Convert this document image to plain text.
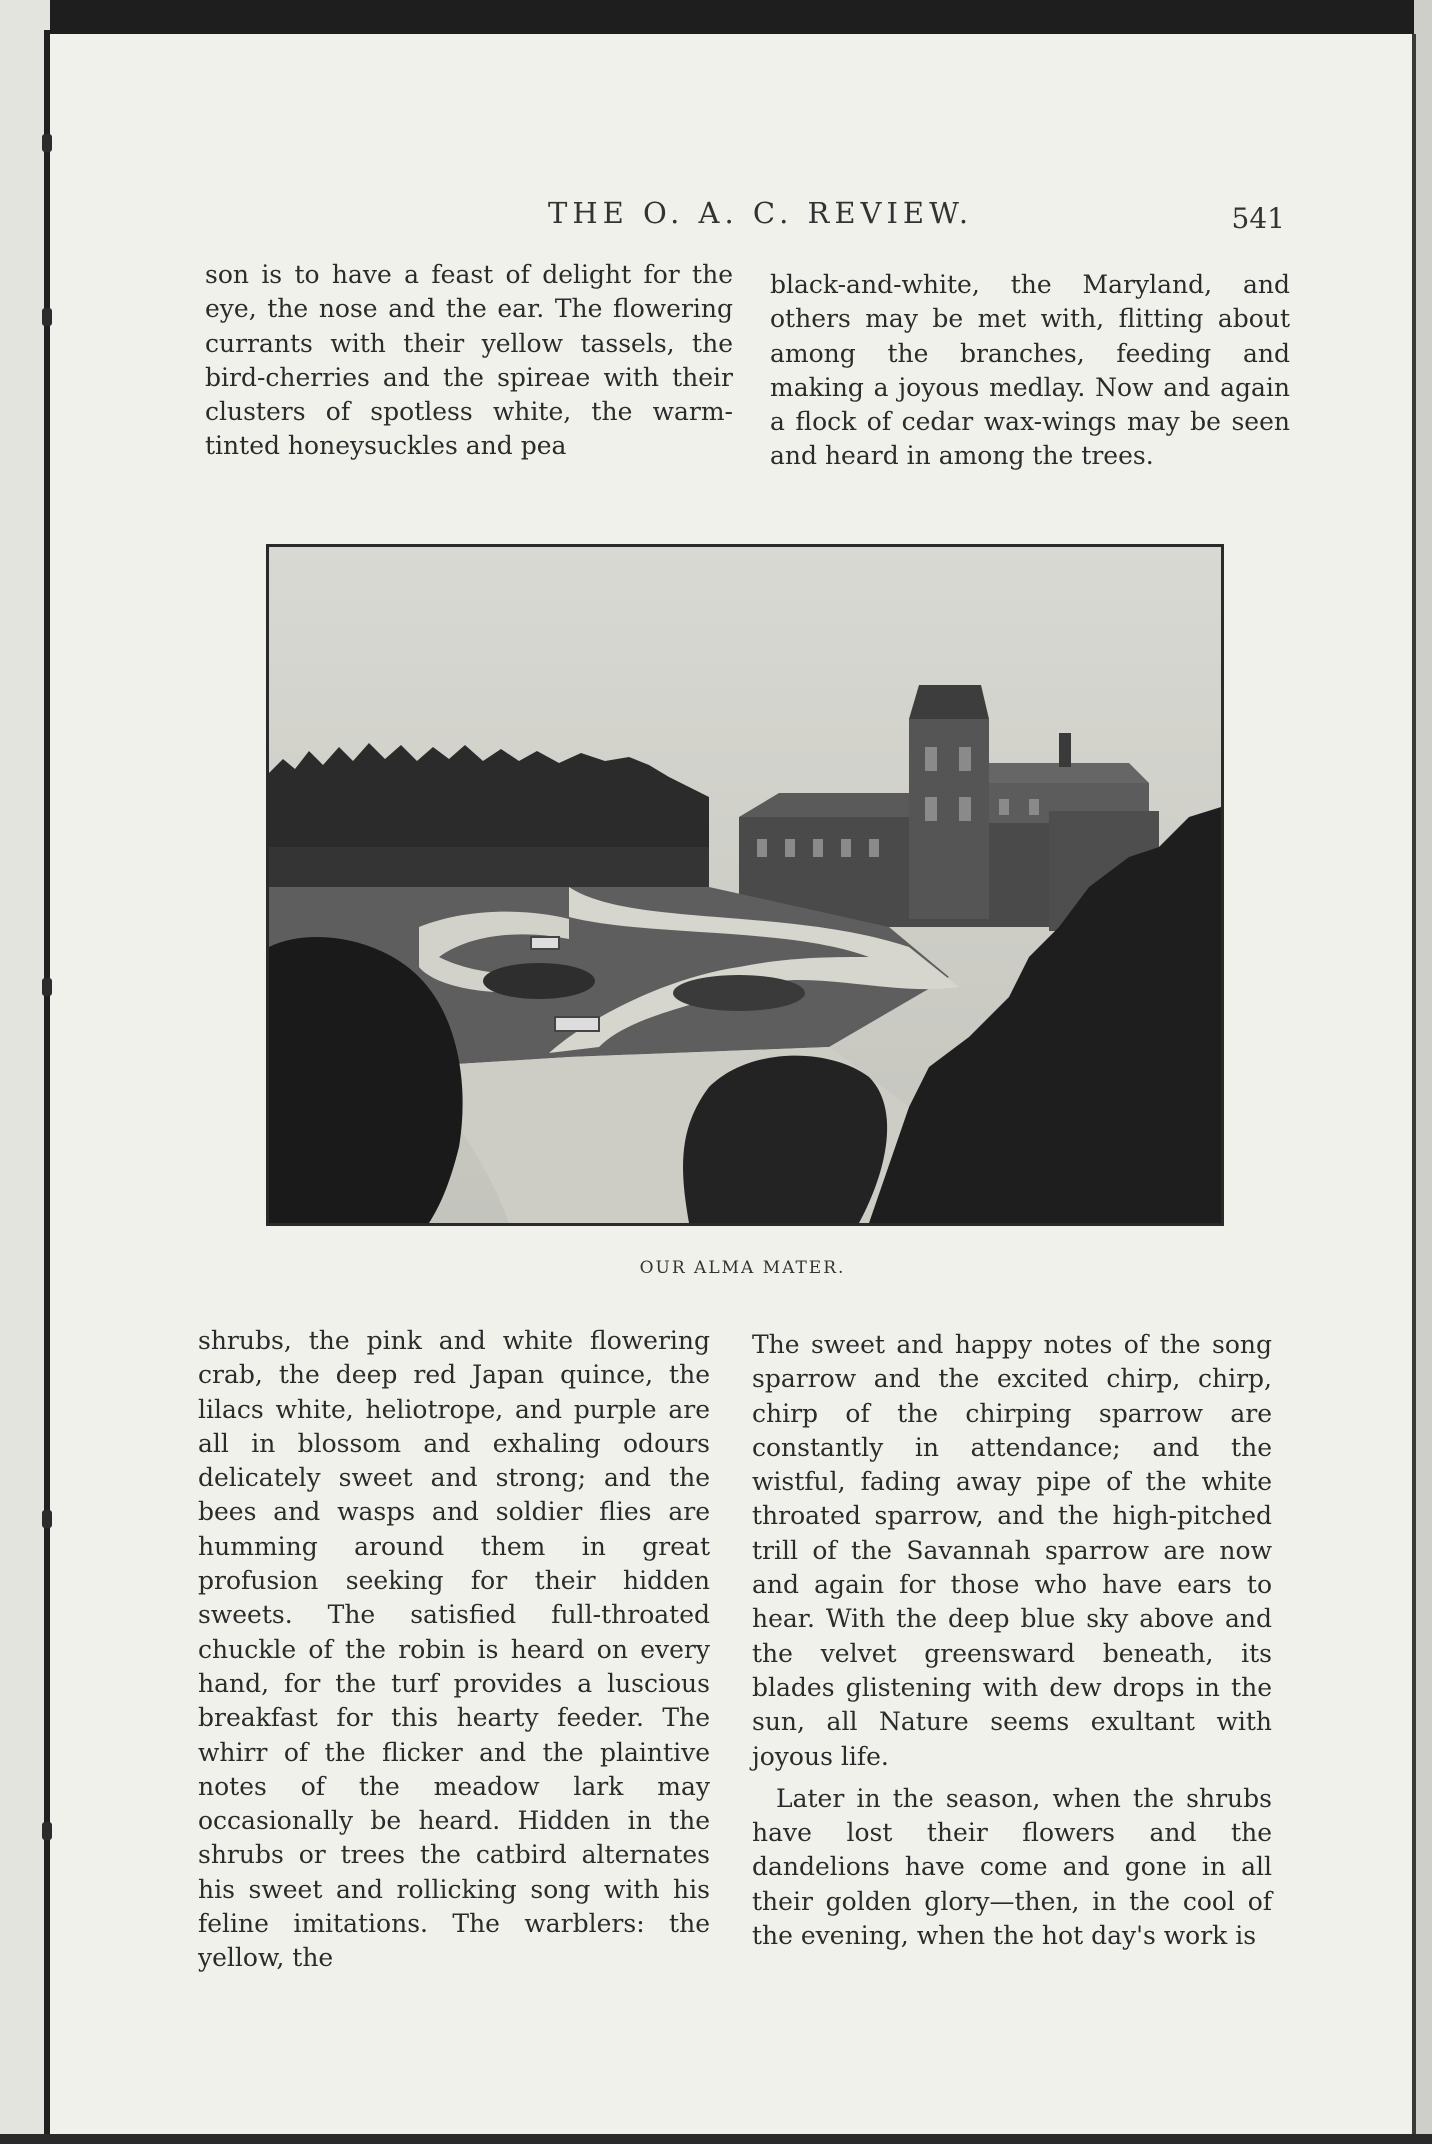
THE O. A. C. REVIEW.	541

son is to have a feast of delight for the eye, the nose and the ear. The flowering currants with their yellow tassels, the bird-cherries and the spireae with their clusters of spotless white, the warm-tinted honeysuckles and pea

black-and-white, the Maryland, and others may be met with, flitting about among the branches, feeding and making a joyous medlay. Now and again a flock of cedar wax-wings may be seen and heard in among the trees.

OUR ALMA MATER.

shrubs, the pink and white flowering crab, the deep red Japan quince, the lilacs white, heliotrope, and purple are all in blossom and exhaling odours delicately sweet and strong; and the bees and wasps and soldier flies are humming around them in great profusion seeking for their hidden sweets. The satisfied full-throated chuckle of the robin is heard on every hand, for the turf provides a luscious breakfast for this hearty feeder. The whirr of the flicker and the plaintive notes of the meadow lark may occasionally be heard. Hidden in the shrubs or trees the catbird alternates his sweet and rollicking song with his feline imitations. The warblers: the yellow, the

The sweet and happy notes of the song sparrow and the excited chirp, chirp, chirp of the chirping sparrow are constantly in attendance; and the wistful, fading away pipe of the white throated sparrow, and the high-pitched trill of the Savannah sparrow are now and again for those who have ears to hear. With the deep blue sky above and the velvet greensward beneath, its blades glistening with dew drops in the sun, all Nature seems exultant with joyous life.

Later in the season, when the shrubs have lost their flowers and the dandelions have come and gone in all their golden glory—then, in the cool of the evening, when the hot day's work is
